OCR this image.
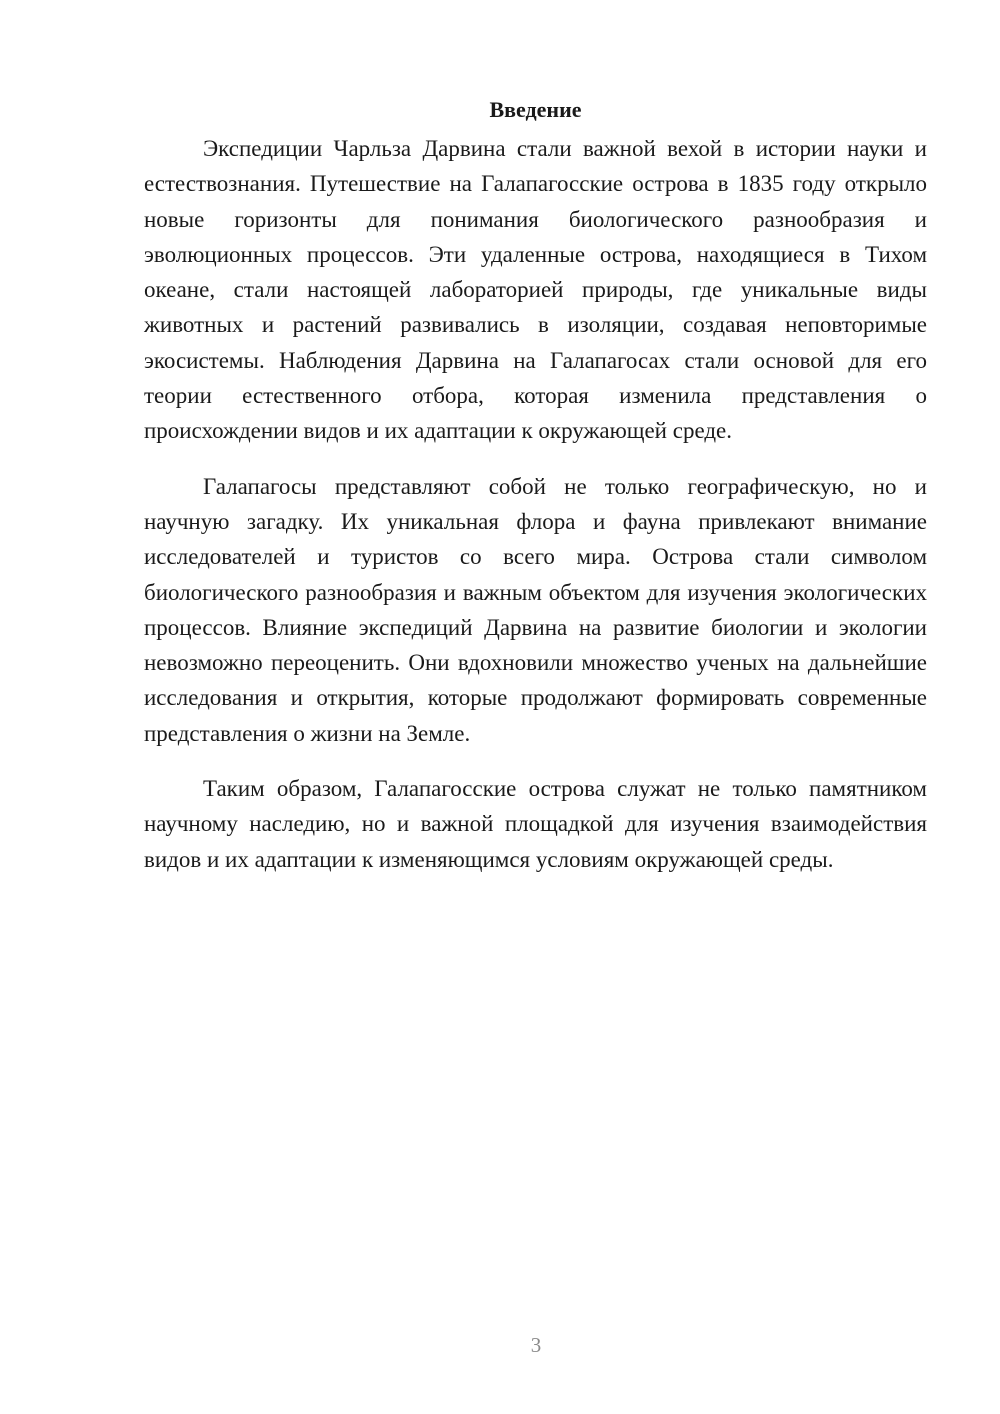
Введение

Экспедиции Чарльза Дарвина стали важной вехой в истории науки и естествознания. Путешествие на Галапагосские острова в 1835 году открыло новые горизонты для понимания биологического разнообразия и эволюционных процессов. Эти удаленные острова, находящиеся в Тихом океане, стали настоящей лабораторией природы, где уникальные виды животных и растений развивались в изоляции, создавая неповторимые экосистемы. Наблюдения Дарвина на Галапагосах стали основой для его теории естественного отбора, которая изменила представления о происхождении видов и их адаптации к окружающей среде.

Галапагосы представляют собой не только географическую, но и научную загадку. Их уникальная флора и фауна привлекают внимание исследователей и туристов со всего мира. Острова стали символом биологического разнообразия и важным объектом для изучения экологических процессов. Влияние экспедиций Дарвина на развитие биологии и экологии невозможно переоценить. Они вдохновили множество ученых на дальнейшие исследования и открытия, которые продолжают формировать современные представления о жизни на Земле.

Таким образом, Галапагосские острова служат не только памятником научному наследию, но и важной площадкой для изучения взаимодействия видов и их адаптации к изменяющимся условиям окружающей среды.

3
